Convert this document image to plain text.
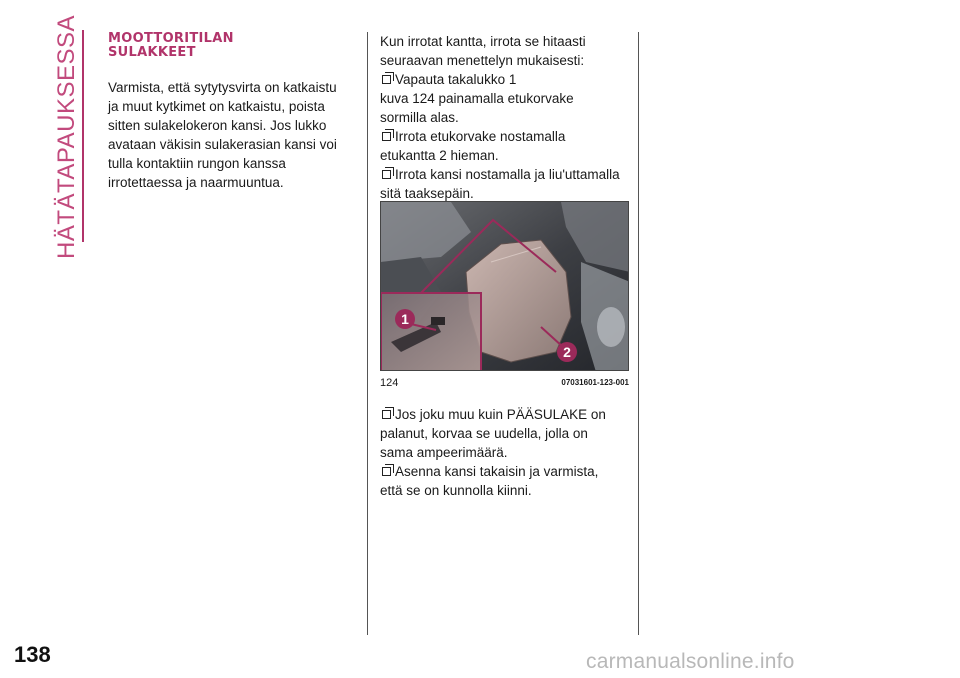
HÄTÄTAPAUKSESSA MOOTTORITILAN
SULAKKEET
Varmista, että sytytysvirta on katkaistu
ja muut kytkimet on katkaistu, poista
sitten sulakelokeron kansi. Jos lukko
avataan väkisin sulakerasian kansi voi
tulla kontaktiin rungon kanssa
irrotettaessa ja naarmuuntua.
Kun irrotat kantta, irrota se hitaasti
seuraavan menettelyn mukaisesti:
Vapauta takalukko 1
kuva 124 painamalla etukorvake
sormilla alas.
Irrota etukorvake nostamalla
etukantta 2 hieman.
Irrota kansi nostamalla ja liu'uttamalla
sitä taaksepäin.
1
2
124	07031601-123-001
Jos joku muu kuin PÄÄSULAKE on
palanut, korvaa se uudella, jolla on
sama ampeerimäärä.
Asenna kansi takaisin ja varmista,
että se on kunnolla kiinni.
138	carmanualsonline.info
